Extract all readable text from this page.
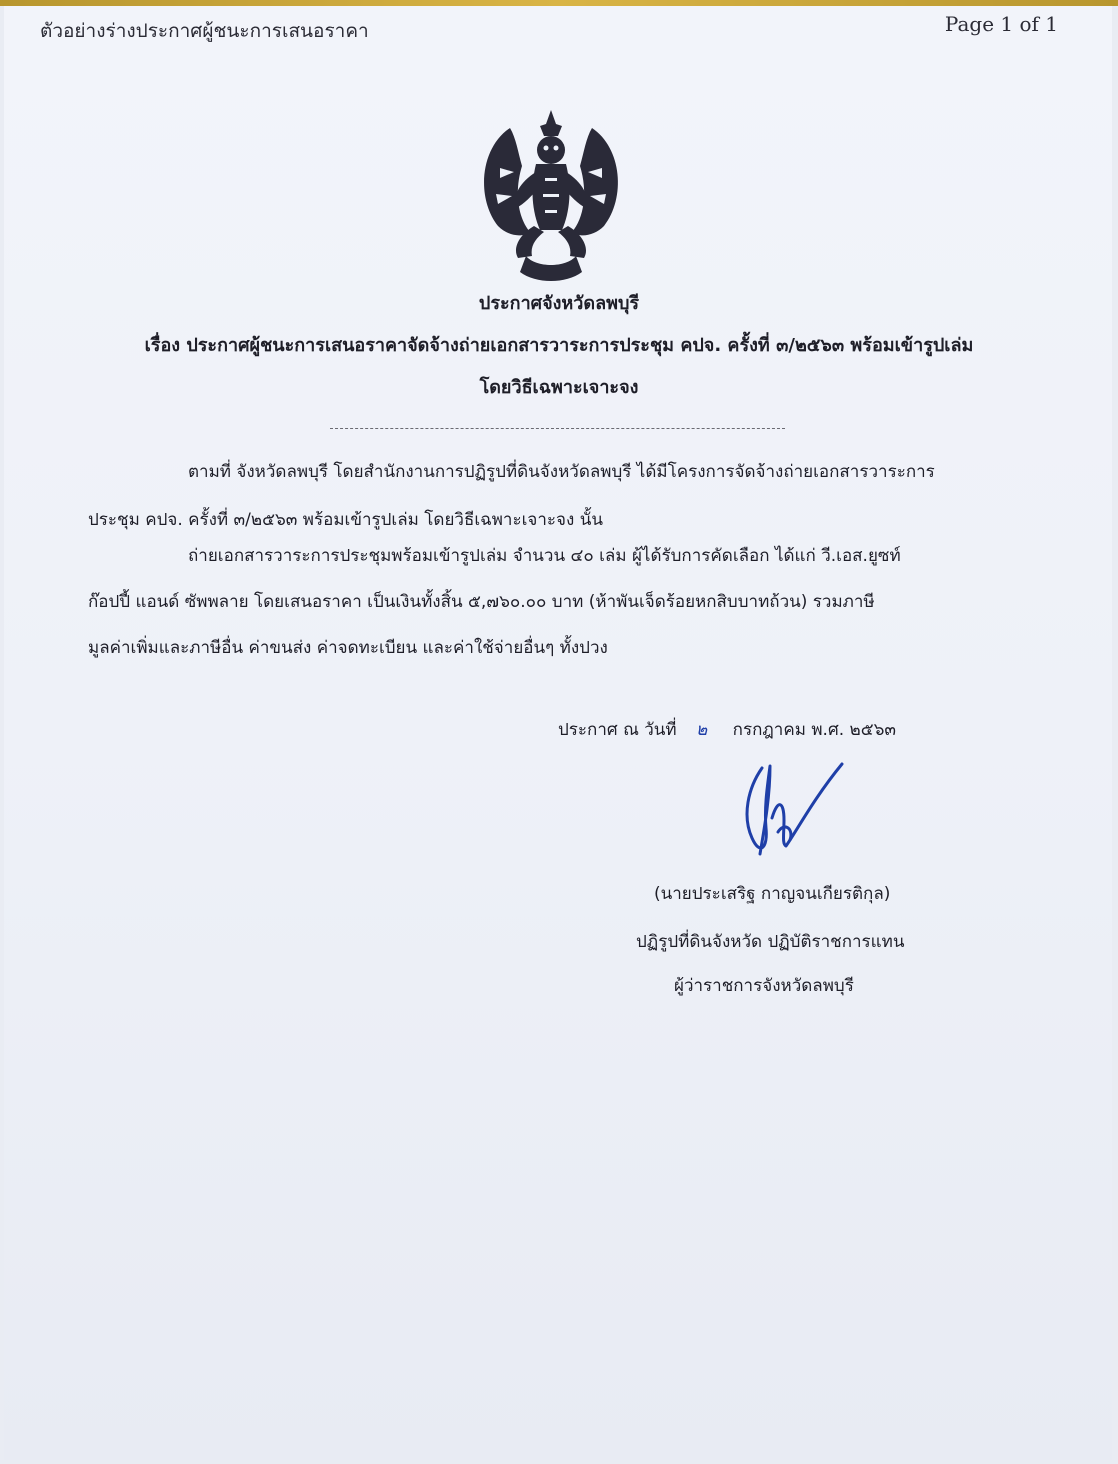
ตัวอย่างร่างประกาศผู้ชนะการเสนอราคา	Page 1 of 1
ประกาศจังหวัดลพบุรี
เรื่อง ประกาศผู้ชนะการเสนอราคาจัดจ้างถ่ายเอกสารวาระการประชุม คปจ. ครั้งที่ ๓/๒๕๖๓ พร้อมเข้ารูปเล่ม
โดยวิธีเฉพาะเจาะจง
ตามที่ จังหวัดลพบุรี โดยสำนักงานการปฏิรูปที่ดินจังหวัดลพบุรี ได้มีโครงการจัดจ้างถ่ายเอกสารวาระการ
ประชุม คปจ. ครั้งที่ ๓/๒๕๖๓ พร้อมเข้ารูปเล่ม โดยวิธีเฉพาะเจาะจง นั้น
ถ่ายเอกสารวาระการประชุมพร้อมเข้ารูปเล่ม จำนวน ๔๐ เล่ม ผู้ได้รับการคัดเลือก ได้แก่ วี.เอส.ยูซท์
ก๊อปปี้ แอนด์ ซัพพลาย โดยเสนอราคา เป็นเงินทั้งสิ้น ๕,๗๖๐.๐๐ บาท (ห้าพันเจ็ดร้อยหกสิบบาทถ้วน) รวมภาษี
มูลค่าเพิ่มและภาษีอื่น ค่าขนส่ง ค่าจดทะเบียน และค่าใช้จ่ายอื่นๆ ทั้งปวง
ประกาศ ณ วันที่ ๒ กรกฎาคม พ.ศ. ๒๕๖๓
(นายประเสริฐ กาญจนเกียรติกุล)
ปฏิรูปที่ดินจังหวัด ปฏิบัติราชการแทน
ผู้ว่าราชการจังหวัดลพบุรี
